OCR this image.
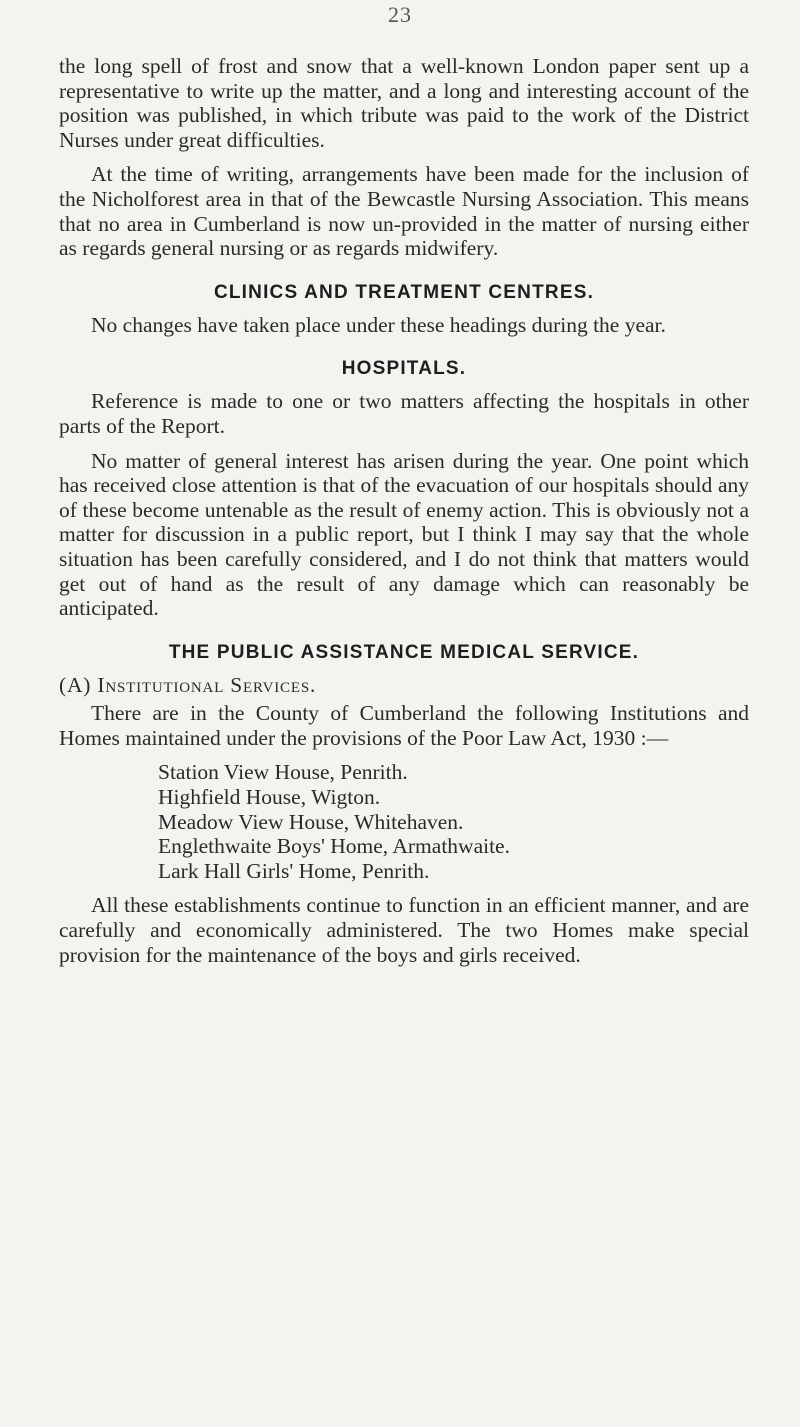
23

the long spell of frost and snow that a well-known London paper sent up a representative to write up the matter, and a long and interesting account of the position was published, in which tribute was paid to the work of the District Nurses under great difficulties.

At the time of writing, arrangements have been made for the inclusion of the Nicholforest area in that of the Bewcastle Nursing Association. This means that no area in Cumberland is now un-provided in the matter of nursing either as regards general nursing or as regards midwifery.

CLINICS AND TREATMENT CENTRES.

No changes have taken place under these headings during the year.

HOSPITALS.

Reference is made to one or two matters affecting the hospitals in other parts of the Report.

No matter of general interest has arisen during the year. One point which has received close attention is that of the evacuation of our hospitals should any of these become untenable as the result of enemy action. This is obviously not a matter for discussion in a public report, but I think I may say that the whole situation has been carefully considered, and I do not think that matters would get out of hand as the result of any damage which can reasonably be anticipated.

THE PUBLIC ASSISTANCE MEDICAL SERVICE.

(A) Institutional Services.

There are in the County of Cumberland the following Institutions and Homes maintained under the provisions of the Poor Law Act, 1930 :—

Station View House, Penrith.
Highfield House, Wigton.
Meadow View House, Whitehaven.
Englethwaite Boys' Home, Armathwaite.
Lark Hall Girls' Home, Penrith.

All these establishments continue to function in an efficient manner, and are carefully and economically administered. The two Homes make special provision for the maintenance of the boys and girls received.
